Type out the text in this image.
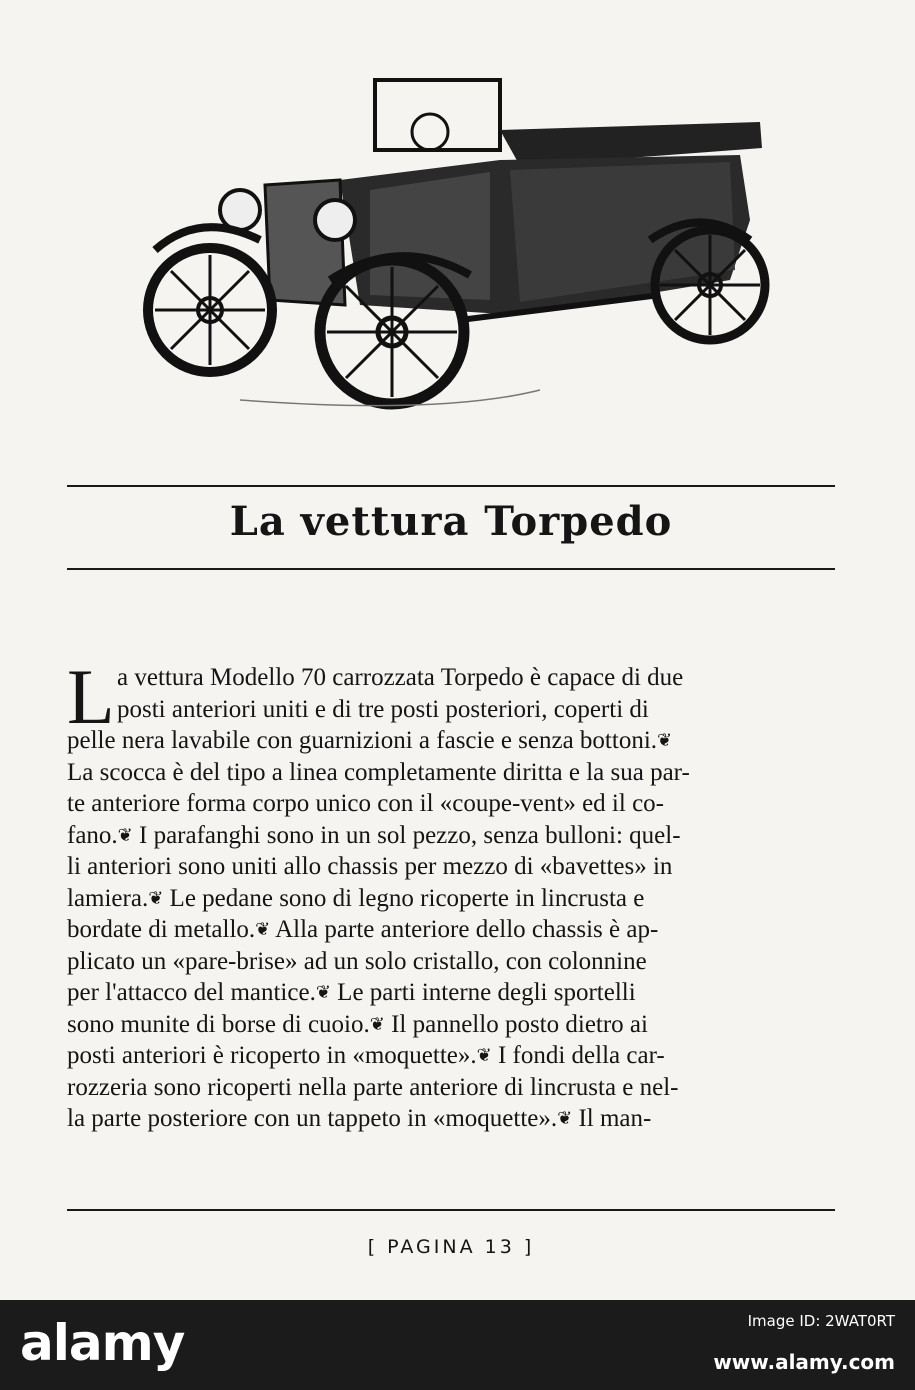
La vettura Torpedo
L a vettura Modello 70 carrozzata Torpedo è capace di due
posti anteriori uniti e di tre posti posteriori, coperti di
pelle nera lavabile con guarnizioni a fascie e senza bottoni.❦
La scocca è del tipo a linea completamente diritta e la sua par-
te anteriore forma corpo unico con il «coupe-vent» ed il co-
fano.❦ I parafanghi sono in un sol pezzo, senza bulloni: quel-
li anteriori sono uniti allo chassis per mezzo di «bavettes» in
lamiera.❦ Le pedane sono di legno ricoperte in lincrusta e
bordate di metallo.❦ Alla parte anteriore dello chassis è ap-
plicato un «pare-brise» ad un solo cristallo, con colonnine
per l'attacco del mantice.❦ Le parti interne degli sportelli
sono munite di borse di cuoio.❦ Il pannello posto dietro ai
posti anteriori è ricoperto in «moquette».❦ I fondi della car-
rozzeria sono ricoperti nella parte anteriore di lincrusta e nel-
la parte posteriore con un tappeto in «moquette».❦ Il man-
[ PAGINA 13 ]
alamy	Image ID: 2WAT0RT
www.alamy.com
